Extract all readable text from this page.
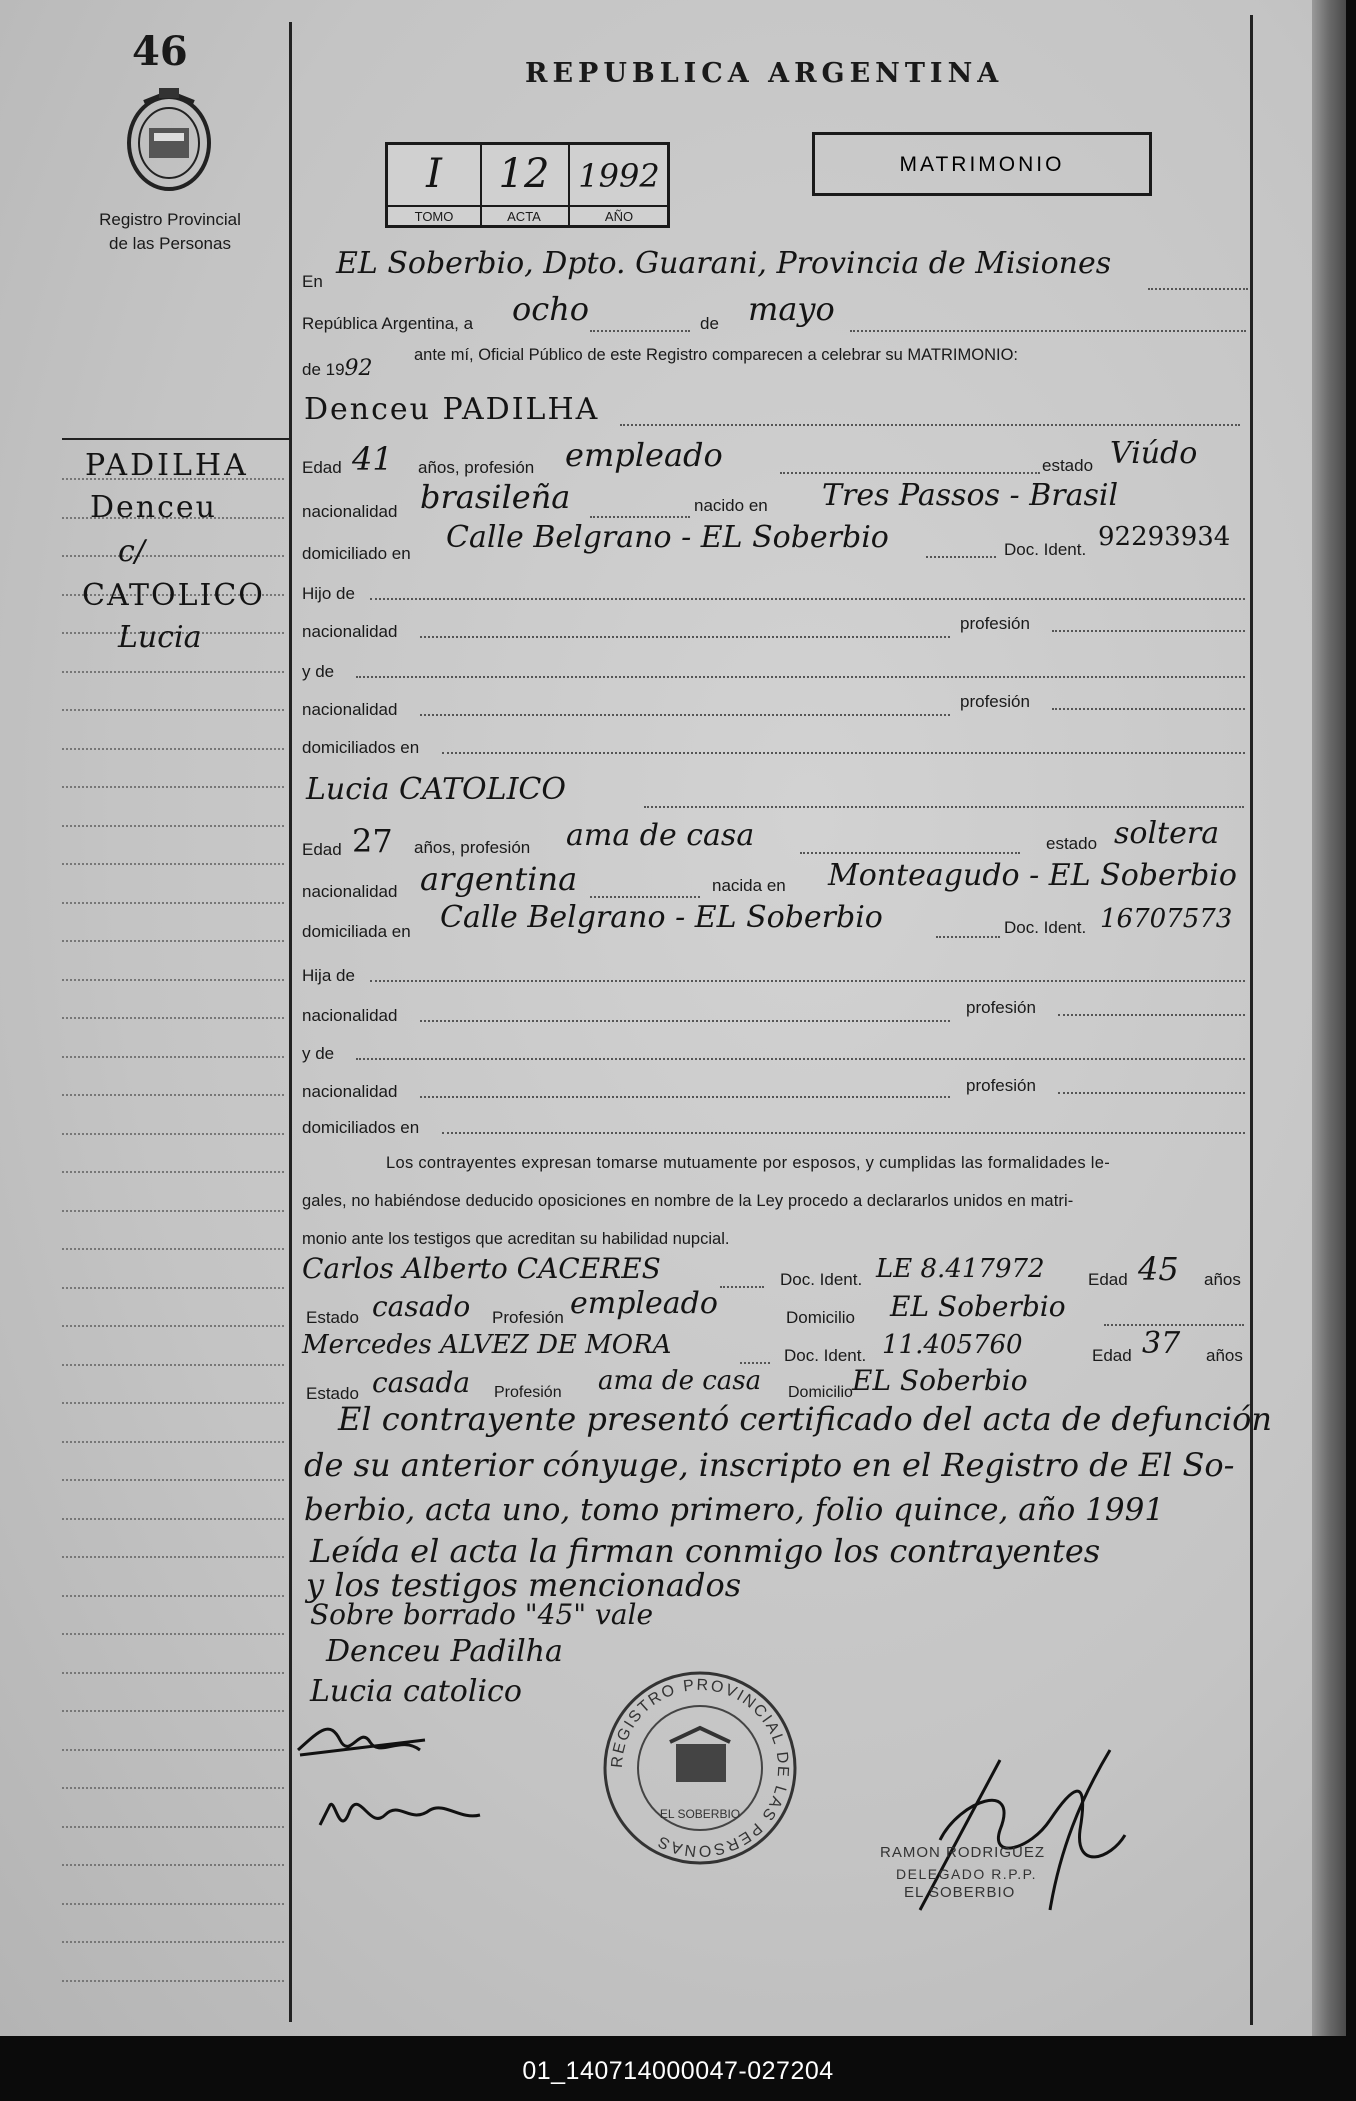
46
Registro Provincial
de las Personas
REPUBLICA ARGENTINA
MATRIMONIO
I	12 1992
TOMO	ACTA	AÑO
PADILHA
Denceu
c/
CATOLICO
Lucia
En
EL Soberbio, Dpto. Guarani, Provincia de Misiones
República Argentina, a ocho	de mayo
de 1992
ante mí, Oficial Público de este Registro comparecen a celebrar su MATRIMONIO:
Denceu PADILHA
Edad 41 años, profesión empleado	estado Viúdo
nacionalidad brasileña	nacido en Tres Passos - Brasil
domiciliado en Calle Belgrano - EL Soberbio	Doc. Ident. 92293934
Hijo de
nacionalidad	profesión
y de
nacionalidad	profesión
domiciliados en
Lucia CATOLICO
Edad 27 años, profesión ama de casa	estado soltera
nacionalidad argentina	nacida en Monteagudo - EL Soberbio
domiciliada en Calle Belgrano - EL Soberbio	Doc. Ident. 16707573
Hija de
nacionalidad	profesión
y de
nacionalidad	profesión
domiciliados en
Los contrayentes expresan tomarse mutuamente por esposos, y cumplidas las formalidades le-
gales, no habiéndose deducido oposiciones en nombre de la Ley procedo a declararlos unidos en matri-
monio ante los testigos que acreditan su habilidad nupcial.
Carlos Alberto CACERES	Doc. Ident. LE 8.417972	Edad 45 años
Estado casado Profesión empleado	Domicilio EL Soberbio
Mercedes ALVEZ DE MORA	Doc. Ident. 11.405760	Edad 37 años
Estado casada Profesión ama de casa Domicilio EL Soberbio
El contrayente presentó certificado del acta de defunción
de su anterior cónyuge, inscripto en el Registro de El So-
berbio, acta uno, tomo primero, folio quince, año 1991
Leída el acta la firman conmigo los contrayentes
y los testigos mencionados
Sobre borrado "45" vale
Denceu Padilha
Lucia catolico
REGISTRO PROVINCIAL DE LAS PERSONAS
EL SOBERBIO
RAMON RODRIGUEZ
DELEGADO R.P.P.
EL SOBERBIO
01_140714000047-027204
